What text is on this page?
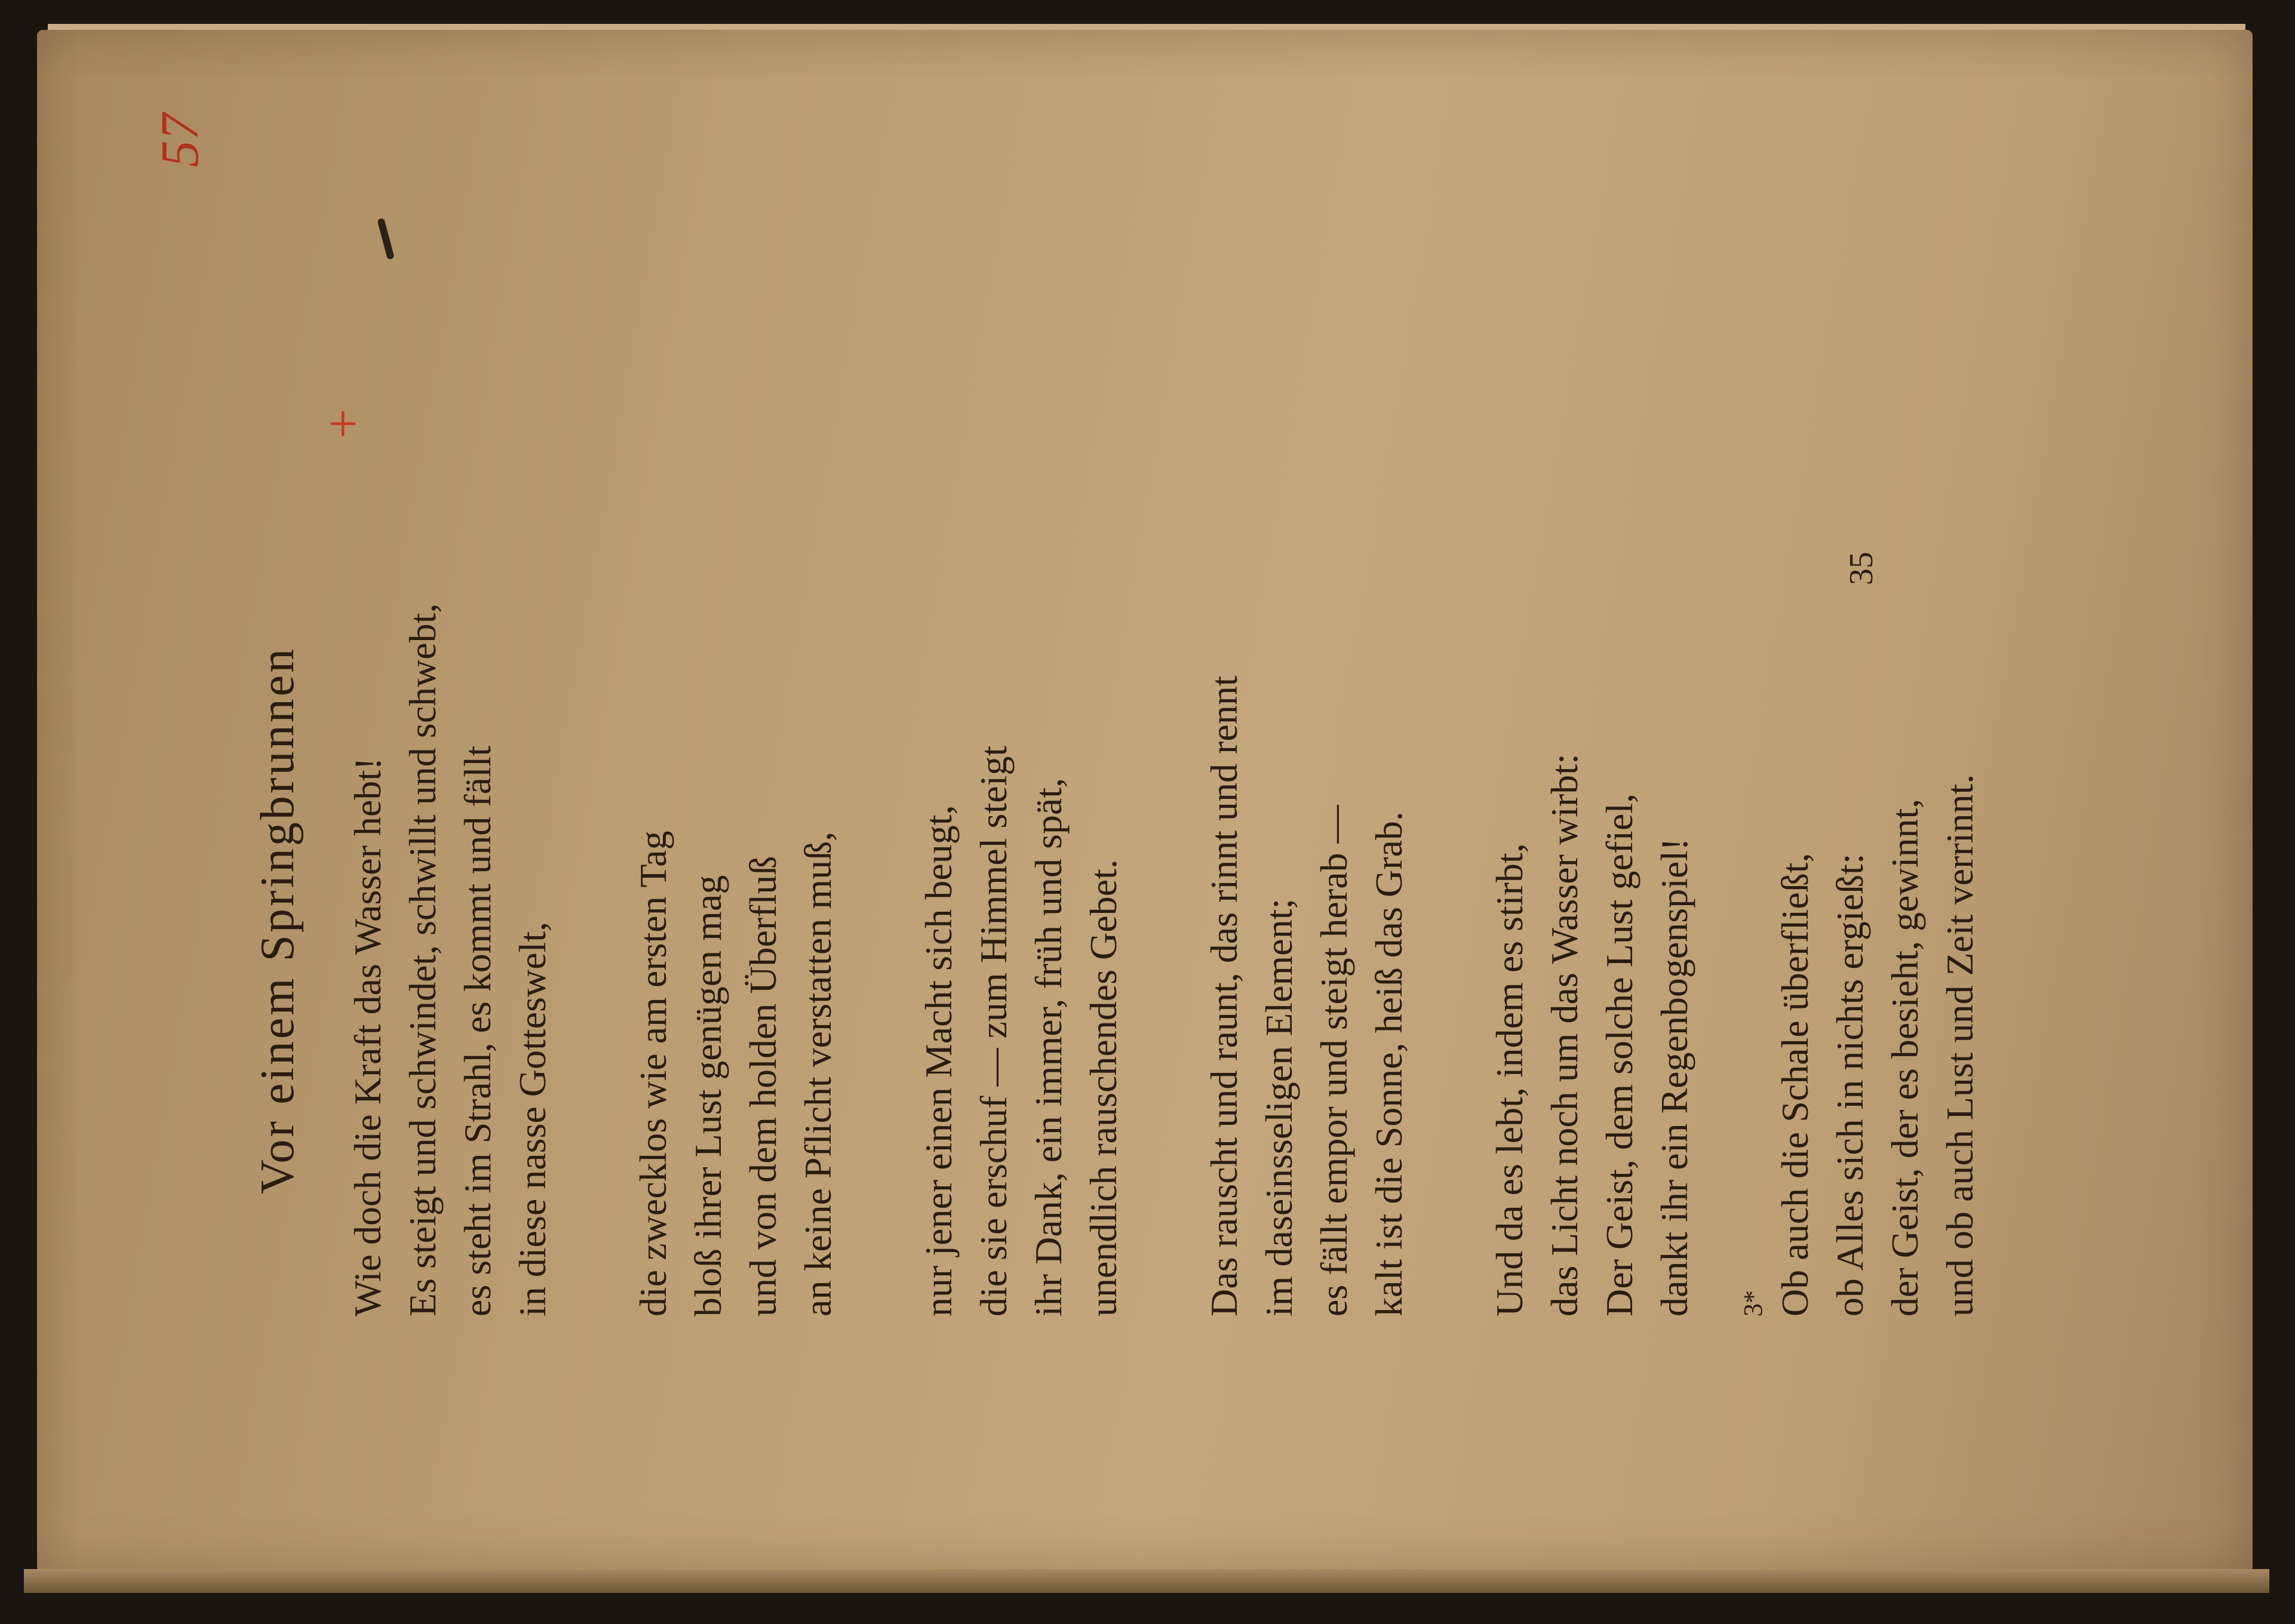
57
+
Vor einem Springbrunnen Wie doch die Kraft das Wasser hebt! Es steigt und schwindet, schwillt und schwebt, es steht im Strahl, es kommt und fällt in diese nasse Gotteswelt, die zwecklos wie am ersten Tag bloß ihrer Lust genügen mag und von dem holden Überfluß an keine Pflicht verstatten muß, nur jener einen Macht sich beugt, die sie erschuf — zum Himmel steigt ihr Dank, ein immer, früh und spät, unendlich rauschendes Gebet. Das rauscht und raunt, das rinnt und rennt im daseinsseligen Element; es fällt empor und steigt herab — kalt ist die Sonne, heiß das Grab. Und da es lebt, indem es stirbt, das Licht noch um das Wasser wirbt: Der Geist, dem solche Lust gefiel, dankt ihr ein Regenbogenspiel! Ob auch die Schale überfließt, ob Alles sich in nichts ergießt: der Geist, der es besieht, gewinnt, und ob auch Lust und Zeit verrinnt.
3*
35
